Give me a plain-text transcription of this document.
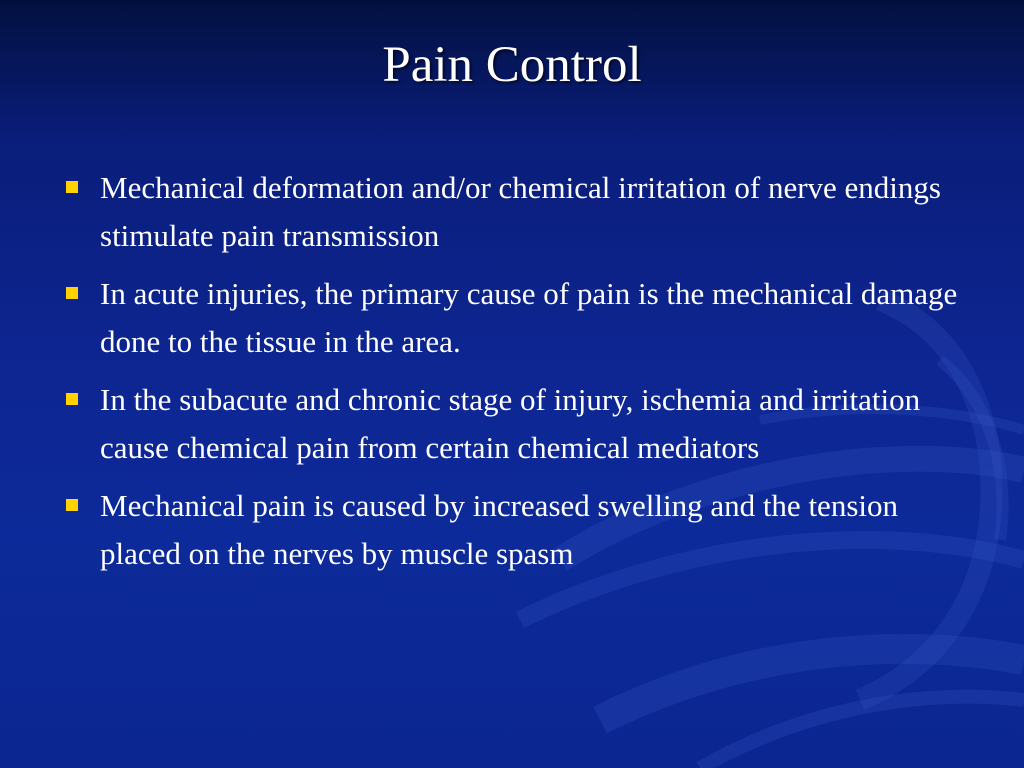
Pain Control
Mechanical deformation and/or chemical irritation of nerve endings stimulate pain transmission
In acute injuries, the primary cause of pain is the mechanical damage done to the tissue in the area.
In the subacute and chronic stage of injury, ischemia and irritation cause chemical pain from certain chemical mediators
Mechanical pain is caused by increased swelling and the tension placed on the nerves by muscle spasm
